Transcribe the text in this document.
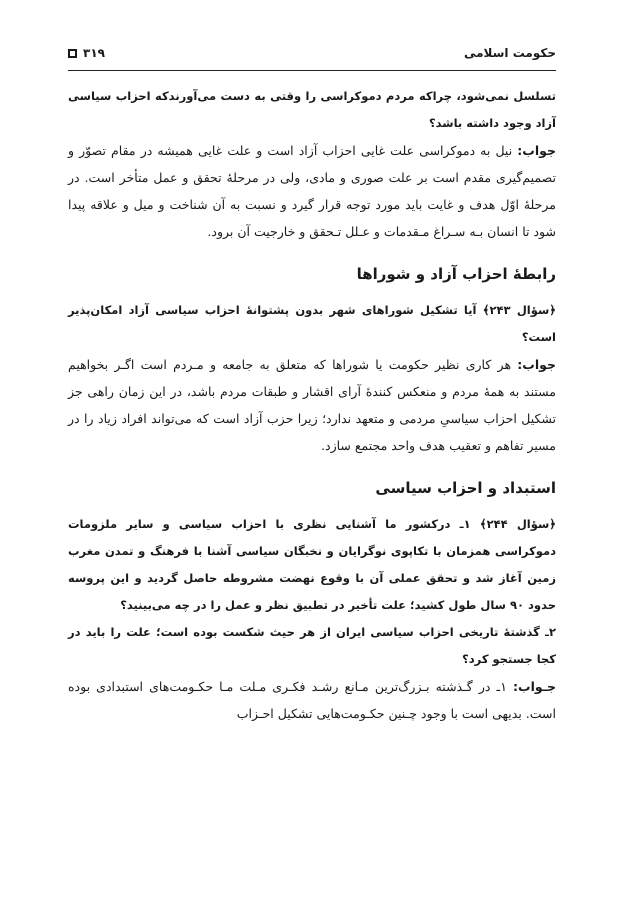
حکومت اسلامی
۳۱۹

تسلسل نمی‌شود، چراکه مردم دموکراسی را وقتی به دست می‌آورندکه احزاب سیاسی آزاد وجود داشته باشد؟

جواب: نیل به دموکراسی علت غایی احزاب آزاد است و علت غایی همیشه در مقام تصوّر و تصمیم‌گیری مقدم است بر علت صوری و مادی، ولی در مرحلهٔ تحقق و عمل متأخر است. در مرحلهٔ اوّل هدف و غایت باید مورد توجه قرار گیرد و نسبت به آن شناخت و میل و علاقه پیدا شود تا انسان بـه سـراغ مـقدمات و عـلل تـحقق و خارجیت آن برود.

رابطهٔ احزاب آزاد و شوراها

﴿سؤال ۲۴۳﴾ آیا تشکیل شوراهای شهر بدون پشتوانهٔ احزاب سیاسی آزاد امکان‌پذیر است؟

جواب: هر کاری نظیر حکومت یا شوراها که متعلق به جامعه و مـردم است اگـر بخواهیم مستند به همهٔ مردم و منعکس کنندهٔ آرای اقشار و طبقات مردم باشد، در این زمان راهی جز تشکیل احزاب سیاسیِ مردمی و متعهد ندارد؛ زیرا حزب آزاد است که می‌تواند افراد زیاد را در مسیر تفاهم و تعقیب هدف واحد مجتمع سازد.

استبداد و احزاب سیاسی

﴿سؤال ۲۴۴﴾ ۱ـ درکشور ما آشنایی نظری با احزاب سیاسی و سایر ملزومات دموکراسی همزمان با تکاپوی نوگرایان و نخبگان سیاسی آشنا با فرهنگ و تمدن مغرب زمین آغاز شد و تحقق عملی آن با وقوع نهضت مشروطه حاصل گردید و این پروسه حدود ۹۰ سال طول کشید؛ علت تأخیر در تطبیق نظر و عمل را در چه می‌بینید؟

۲ـ گذشتهٔ تاریخی احزاب سیاسی ایران از هر حیث شکست بوده است؛ علت را باید در کجا جستجو کرد؟

جـواب: ۱ـ در گـذشته بـزرگ‌ترین مـانع رشـد فکـری مـلت مـا حکـومت‌های استبدادی بوده است. بدیهی است با وجود چـنین حکـومت‌هایی تشکیل احـزاب
